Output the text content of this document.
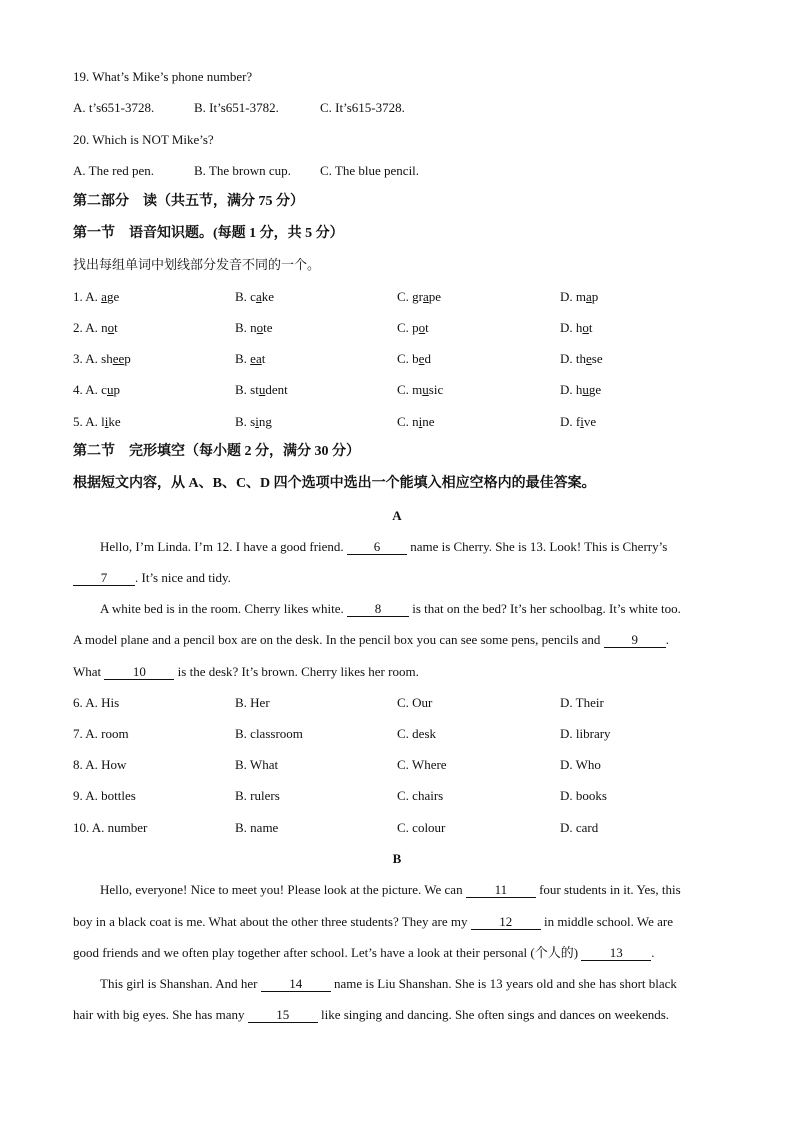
19. What’s Mike’s phone number?
A. t’s651-3728.	B. It’s651-3782.	C. It’s615-3728.
20. Which is NOT Mike’s?
A. The red pen.	B. The brown cup. C. The blue pencil.
第二部分　读（共五节，满分 75 分）
第一节　语音知识题。(每题 1 分，共 5 分）
找出每组单词中划线部分发音不同的一个。
1. A. age	B. cake	C. grape	D. map
2. A. not	B. note	C. pot	D. hot
3. A. sheep	B. eat	C. bed	D. these
4. A. cup	B. student	C. music	D. huge
5. A. like	B. sing	C. nine	D. five
第二节　完形填空（每小题 2 分，满分 30 分）
根据短文内容，从 A、B、C、D 四个选项中选出一个能填入相应空格内的最佳答案。
A
Hello, I’m Linda. I’m 12. I have a good friend. 6 name is Cherry. She is 13. Look! This is Cherry’s
7 . It’s nice and tidy.
A white bed is in the room. Cherry likes white. 8 is that on the bed? It’s her schoolbag. It’s white too.
A model plane and a pencil box are on the desk. In the pencil box you can see some pens, pencils and 9 .
What 10 is the desk? It’s brown. Cherry likes her room.
6. A. His	B. Her	C. Our	D. Their
7. A. room	B. classroom	C. desk	D. library
8. A. How	B. What	C. Where	D. Who
9. A. bottles	B. rulers	C. chairs	D. books
10. A. number	B. name	C. colour	D. card
B
Hello, everyone! Nice to meet you! Please look at the picture. We can 11 four students in it. Yes, this
boy in a black coat is me. What about the other three students? They are my 12 in middle school. We are
good friends and we often play together after school. Let’s have a look at their personal (个人的) 13 .
This girl is Shanshan. And her 14 name is Liu Shanshan. She is 13 years old and she has short black
hair with big eyes. She has many 15 like singing and dancing. She often sings and dances on weekends.
